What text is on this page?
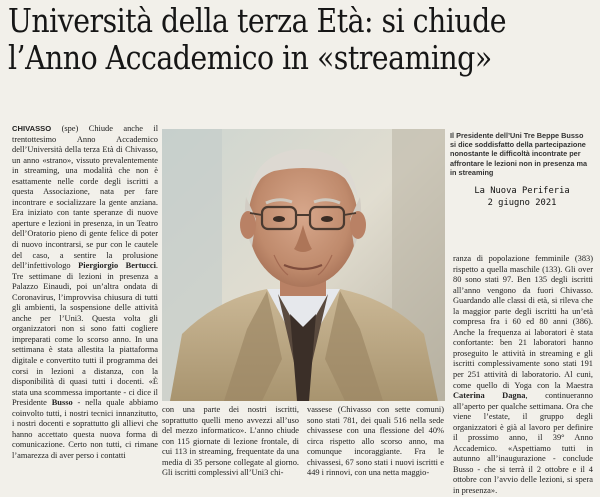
Università della terza Età: si chiude
l’Anno Accademico in «streaming»

CHIVASSO (spe) Chiude anche il trentottesimo Anno Accademico dell’Università della terza Età di Chivasso, un anno «strano», vissuto prevalentemente in streaming, una modalità che non è esattamente nelle corde degli iscritti a questa Associazione, nata per fare incontrare e socializzare la gente anziana. Era iniziato con tante speranze di nuove aperture e lezioni in presenza, in un Teatro dell’Oratorio pieno di gente felice di poter di nuovo incontrarsi, se pur con le cautele del caso, a sentire la prolusione dell’infettivologo Piergiorgio Bertucci. Tre settimane di lezioni in presenza a Palazzo Einaudi, poi un’altra ondata di Coronavirus, l’improvvisa chiusura di tutti gli ambienti, la sospensione delle attività anche per l’Uni3. Questa volta gli organizzatori non si sono fatti cogliere impreparati come lo scorso anno. In una settimana è stata allestita la piattaforma digitale e convertito tutti il programma dei corsi in lezioni a distanza, con la disponibilità di quasi tutti i docenti. «È stata una scommessa importante - ci dice il Presidente Busso - nella quale abbiamo coinvolto tutti, i nostri tecnici innanzitutto, i nostri docenti e soprattutto gli allievi che hanno accettato questa nuova forma di comunicazione. Certo non tutti, ci rimane l’amarezza di aver perso i contatti

Il Presidente dell’Uni Tre Beppe Busso si dice soddisfatto della partecipazione nonostante le difficoltà incontrate per affrontare le lezioni non in presenza ma in streaming
La Nuova Periferia
2 giugno 2021

con una parte dei nostri iscritti, soprattutto quelli meno avvezzi all’uso del mezzo informatico». L’anno chiude con 115 giornate di lezione frontale, di cui 113 in streaming, frequentate da una media di 35 persone collegate al giorno. Gli iscritti complessivi all’Uni3 chi-

vassese (Chivasso con sette comuni) sono stati 781, dei quali 516 nella sede chivassese con una flessione del 40% circa rispetto allo scorso anno, ma comunque incoraggiante. Fra le chivassesi, 67 sono stati i nuovi iscritti e 449 i rinnovi, con una netta maggio-

ranza di popolazione femminile (383) rispetto a quella maschile (133). Gli over 80 sono stati 97. Ben 135 degli iscritti all’anno vengono da fuori Chivasso. Guardando alle classi di età, si rileva che la maggior parte degli iscritti ha un’età compresa fra i 60 ed 80 anni (386). Anche la frequenza ai laboratori è stata confortante: ben 21 laboratori hanno proseguito le attività in streaming e gli iscritti complessivamente sono stati 191 per 251 attività di laboratorio. Al cuni, come quello di Yoga con la Maestra Caterina Dagna, continueranno all’aperto per qualche settimana. Ora che viene l’estate, il gruppo degli organizzatori è già al lavoro per definire il prossimo anno, il 39° Anno Accademico. «Aspettiamo tutti in autunno all’inaugurazione - conclude Busso - che si terrà il 2 ottobre e il 4 ottobre con l’avvio delle lezioni, si spera in presenza».
